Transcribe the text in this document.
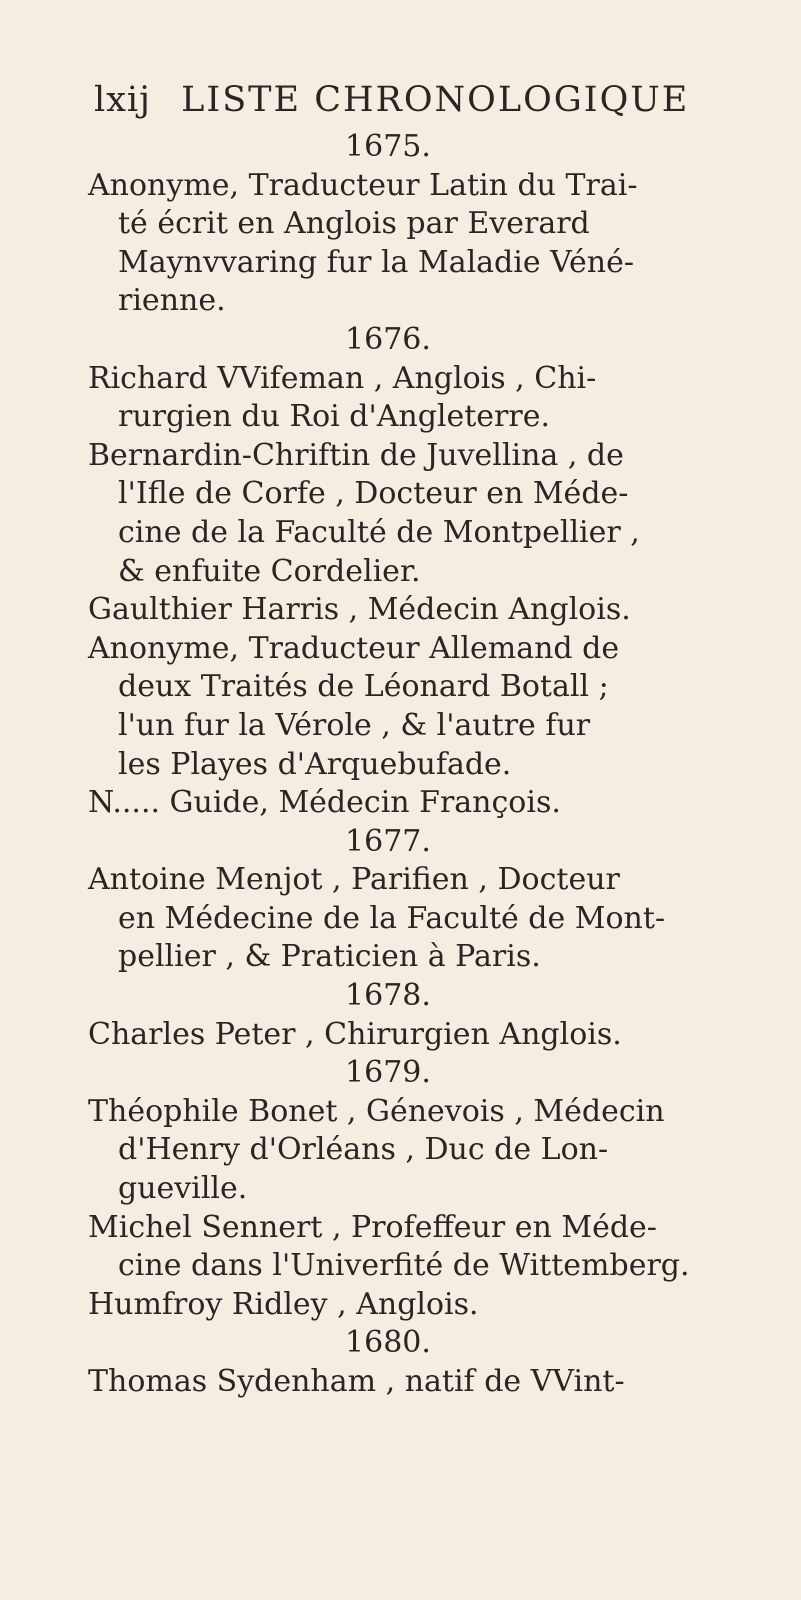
lxij LISTE CHRONOLOGIQUE
1675.
Anonyme, Traducteur Latin du Trai-
té écrit en Anglois par Everard
Maynvvaring fur la Maladie Véné-
rienne.
1676.
Richard VVifeman , Anglois , Chi-
rurgien du Roi d'Angleterre.
Bernardin-Chriftin de Juvellina , de
l'Ifle de Corfe , Docteur en Méde-
cine de la Faculté de Montpellier ,
& enfuite Cordelier.
Gaulthier Harris , Médecin Anglois.
Anonyme, Traducteur Allemand de
deux Traités de Léonard Botall ;
l'un fur la Vérole , & l'autre fur
les Playes d'Arquebufade.
N..... Guide, Médecin François.
1677.
Antoine Menjot , Parifien , Docteur
en Médecine de la Faculté de Mont-
pellier , & Praticien à Paris.
1678.
Charles Peter , Chirurgien Anglois.
1679.
Théophile Bonet , Génevois , Médecin
d'Henry d'Orléans , Duc de Lon-
gueville.
Michel Sennert , Profeffeur en Méde-
cine dans l'Univerfité de Wittemberg.
Humfroy Ridley , Anglois.
1680.
Thomas Sydenham , natif de VVint-
